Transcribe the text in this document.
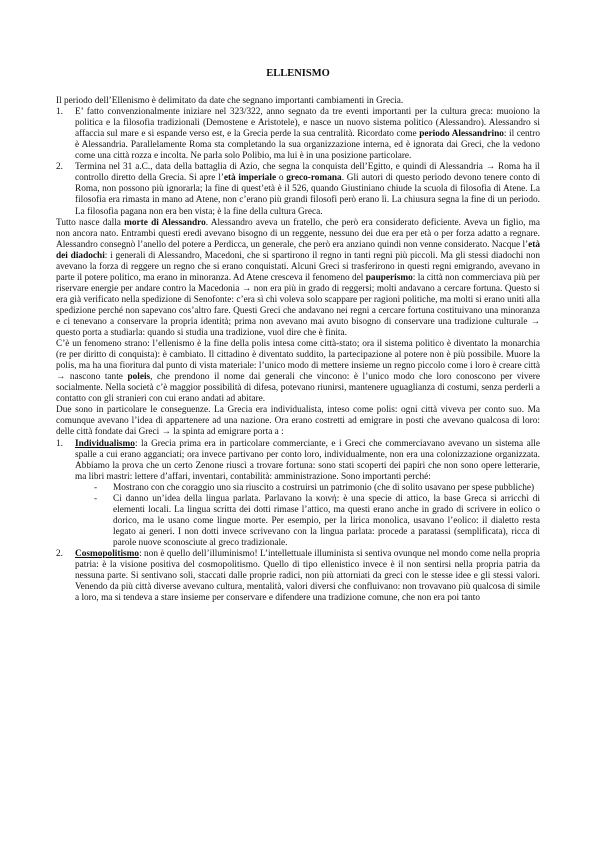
ELLENISMO

Il periodo dell’Ellenismo è delimitato da date che segnano importanti cambiamenti in Grecia.

1. E’ fatto convenzionalmente iniziare nel 323/322, anno segnato da tre eventi importanti per la cultura greca: muoiono la politica e la filosofia tradizionali (Demostene e Aristotele), e nasce un nuovo sistema politico (Alessandro). Alessandro si affaccia sul mare e si espande verso est, e la Grecia perde la sua centralità. Ricordato come periodo Alessandrino: il centro è Alessandria. Parallelamente Roma sta completando la sua organizzazione interna, ed è ignorata dai Greci, che la vedono come una città rozza e incolta. Ne parla solo Polibio, ma lui è in una posizione particolare.
2. Termina nel 31 a.C., data della battaglia di Azio, che segna la conquista dell’Egitto, e quindi di Alessandria → Roma ha il controllo diretto della Grecia. Si apre l’età imperiale o greco-romana. Gli autori di questo periodo devono tenere conto di Roma, non possono più ignorarla; la fine di quest’età è il 526, quando Giustiniano chiude la scuola di filosofia di Atene. La filosofia era rimasta in mano ad Atene, non c’erano più grandi filosofi però erano lì. La chiusura segna la fine di un periodo. La filosofia pagana non era ben vista; è la fine della cultura Greca.

Tutto nasce dalla morte di Alessandro. Alessandro aveva un fratello, che però era considerato deficiente. Aveva un figlio, ma non ancora nato. Entrambi questi eredi avevano bisogno di un reggente, nessuno dei due era per età o per forza adatto a regnare. Alessandro consegnò l’anello del potere a Perdicca, un generale, che però era anziano quindi non venne considerato. Nacque l’età dei diadochi: i generali di Alessandro, Macedoni, che si spartirono il regno in tanti regni più piccoli. Ma gli stessi diadochi non avevano la forza di reggere un regno che si erano conquistati. Alcuni Greci si trasferirono in questi regni emigrando, avevano in parte il potere politico, ma erano in minoranza. Ad Atene cresceva il fenomeno del pauperismo: la città non commerciava più per riservare energie per andare contro la Macedonia → non era più in grado di reggersi; molti andavano a cercare fortuna. Questo si era già verificato nella spedizione di Senofonte: c’era sì chi voleva solo scappare per ragioni politiche, ma molti si erano uniti alla spedizione perché non sapevano cos’altro fare. Questi Greci che andavano nei regni a cercare fortuna costituivano una minoranza e ci tenevano a conservare la propria identità; prima non avevano mai avuto bisogno di conservare una tradizione culturale → questo porta a studiarla: quando si studia una tradizione, vuol dire che è finita.

C’è un fenomeno strano: l’ellenismo è la fine della polis intesa come città-stato; ora il sistema politico è diventato la monarchia (re per diritto di conquista): è cambiato. Il cittadino è diventato suddito, la partecipazione al potere non è più possibile. Muore la polis, ma ha una fioritura dal punto di vista materiale: l’unico modo di mettere insieme un regno piccolo come i loro è creare città → nascono tante poleis, che prendono il nome dai generali che vincono: è l’unico modo che loro conoscono per vivere socialmente. Nella società c’è maggior possibilità di difesa, potevano riunirsi, mantenere uguaglianza di costumi, senza perderli a contatto con gli stranieri con cui erano andati ad abitare.

Due sono in particolare le conseguenze. La Grecia era individualista, inteso come polis: ogni città viveva per conto suo. Ma comunque avevano l’idea di appartenere ad una nazione. Ora erano costretti ad emigrare in posti che avevano qualcosa di loro: delle città fondate dai Greci → la spinta ad emigrare porta a :

1. Individualismo: la Grecia prima era in particolare commerciante, e i Greci che commerciavano avevano un sistema alle spalle a cui erano agganciati; ora invece partivano per conto loro, individualmente, non era una colonizzazione organizzata. Abbiamo la prova che un certo Zenone riuscì a trovare fortuna: sono stati scoperti dei papiri che non sono opere letterarie, ma libri mastri: lettere d’affari, inventari, contabilità: amministrazione. Sono importanti perché:
- Mostrano con che coraggio uno sia riuscito a costruirsi un patrimonio (che di solito usavano per spese pubbliche)
- Ci danno un’idea della lingua parlata. Parlavano la κοινή: è una specie di attico, la base Greca si arricchì di elementi locali. La lingua scritta dei dotti rimase l’attico, ma questi erano anche in grado di scrivere in eolico o dorico, ma le usano come lingue morte. Per esempio, per la lirica monolica, usavano l’eolico: il dialetto resta legato ai generi. I non dotti invece scrivevano con la lingua parlata: procede a paratassi (semplificata), ricca di parole nuove sconosciute al greco tradizionale.
2. Cosmopolitismo: non è quello dell’illuminismo! L’intellettuale illuminista si sentiva ovunque nel mondo come nella propria patria: è la visione positiva del cosmopolitismo. Quello di tipo ellenistico invece è il non sentirsi nella propria patria da nessuna parte. Si sentivano soli, staccati dalle proprie radici, non più attorniati da greci con le stesse idee e gli stessi valori. Venendo da più città diverse avevano cultura, mentalità, valori diversi che confluivano: non trovavano più qualcosa di simile a loro, ma si tendeva a stare insieme per conservare e difendere una tradizione comune, che non era poi tanto
